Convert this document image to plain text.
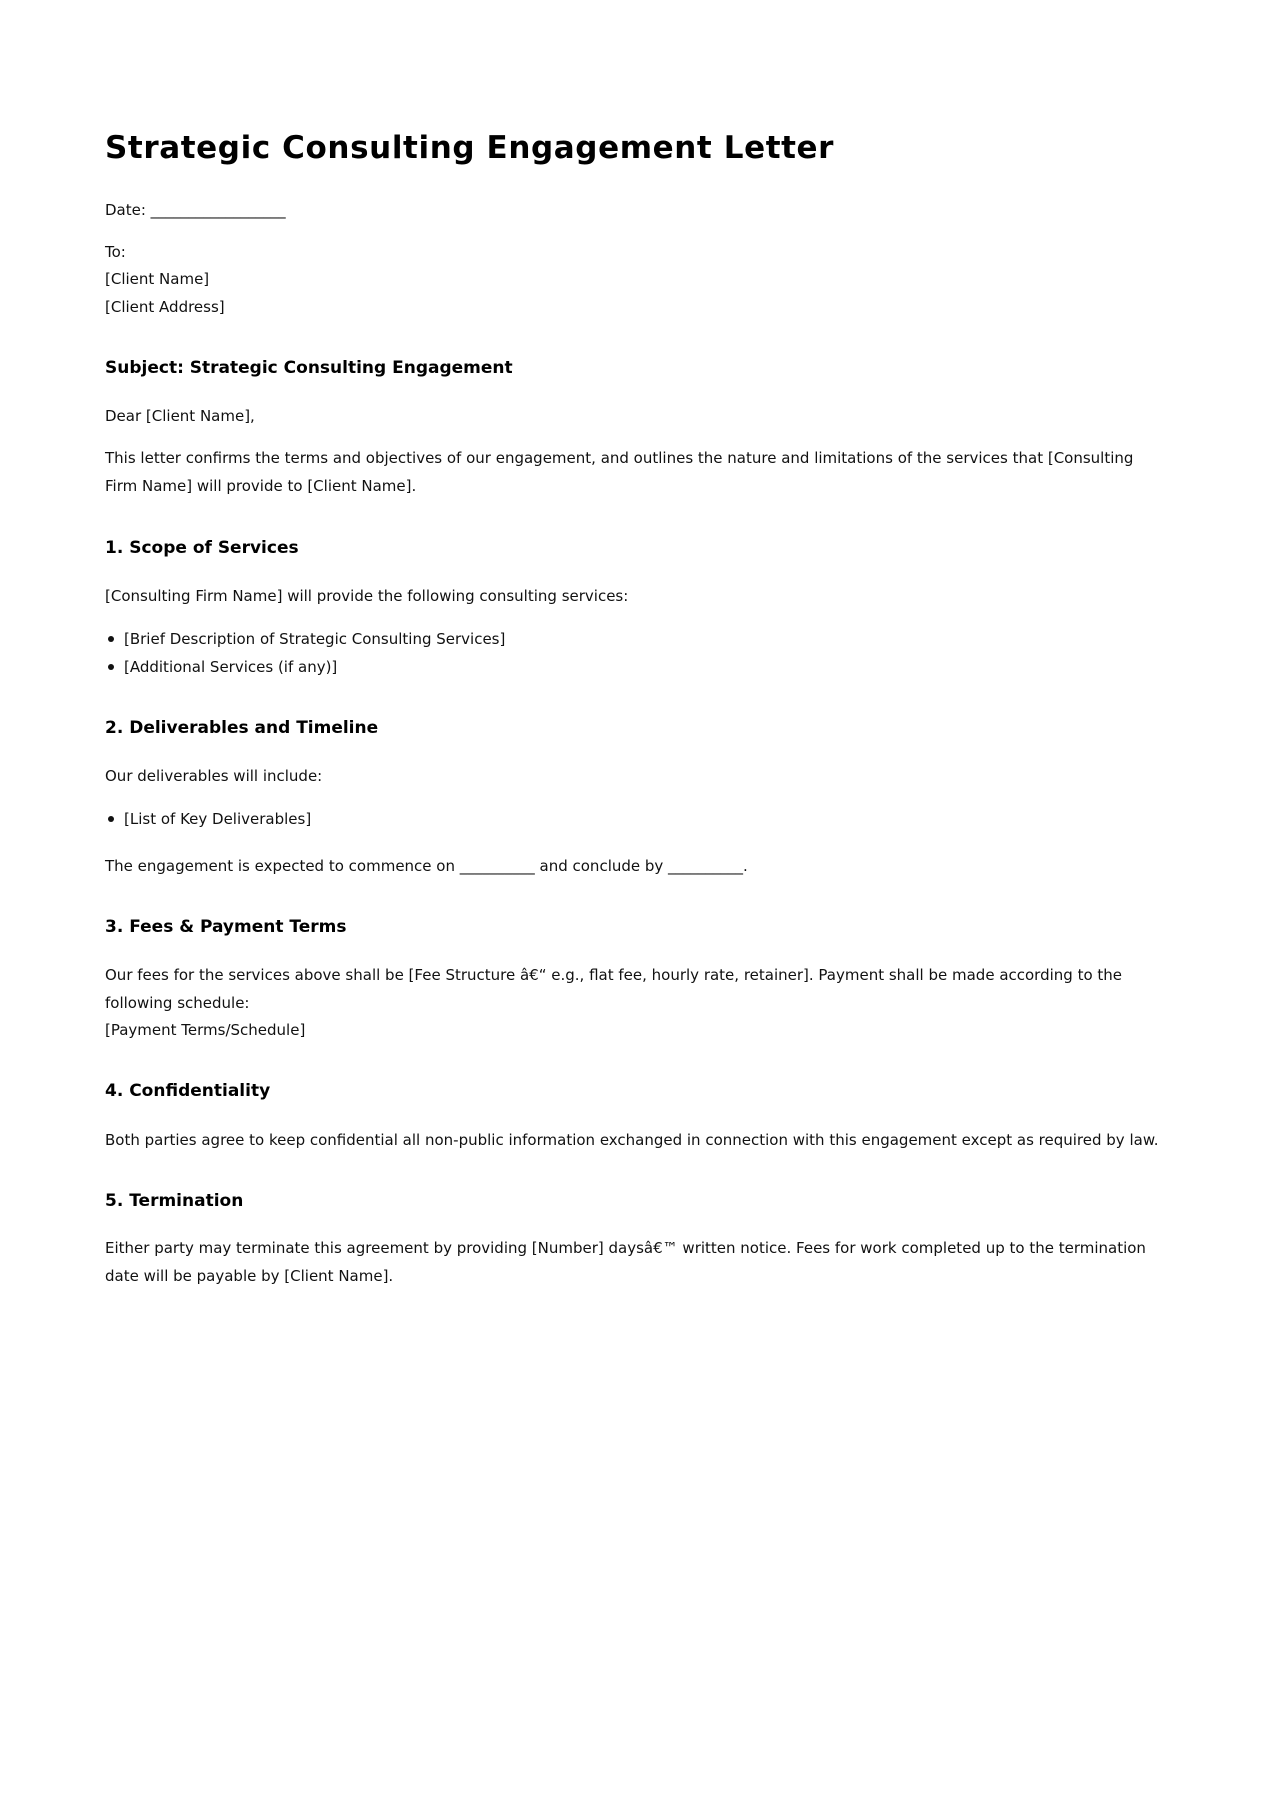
Strategic Consulting Engagement Letter

Date: __________________

To:

[Client Name]

[Client Address]

Subject: Strategic Consulting Engagement

Dear [Client Name],

This letter confirms the terms and objectives of our engagement, and outlines the nature and limitations of the services that [Consulting Firm Name] will provide to [Client Name].

1. Scope of Services

[Consulting Firm Name] will provide the following consulting services:

[Brief Description of Strategic Consulting Services]
[Additional Services (if any)]
2. Deliverables and Timeline

Our deliverables will include:

[List of Key Deliverables]

The engagement is expected to commence on __________ and conclude by __________.

3. Fees & Payment Terms

Our fees for the services above shall be [Fee Structure â€“ e.g., flat fee, hourly rate, retainer]. Payment shall be made according to the following schedule:

[Payment Terms/Schedule]

4. Confidentiality

Both parties agree to keep confidential all non-public information exchanged in connection with this engagement except as required by law.

5. Termination

Either party may terminate this agreement by providing [Number] daysâ€™ written notice. Fees for work completed up to the termination date will be payable by [Client Name].
